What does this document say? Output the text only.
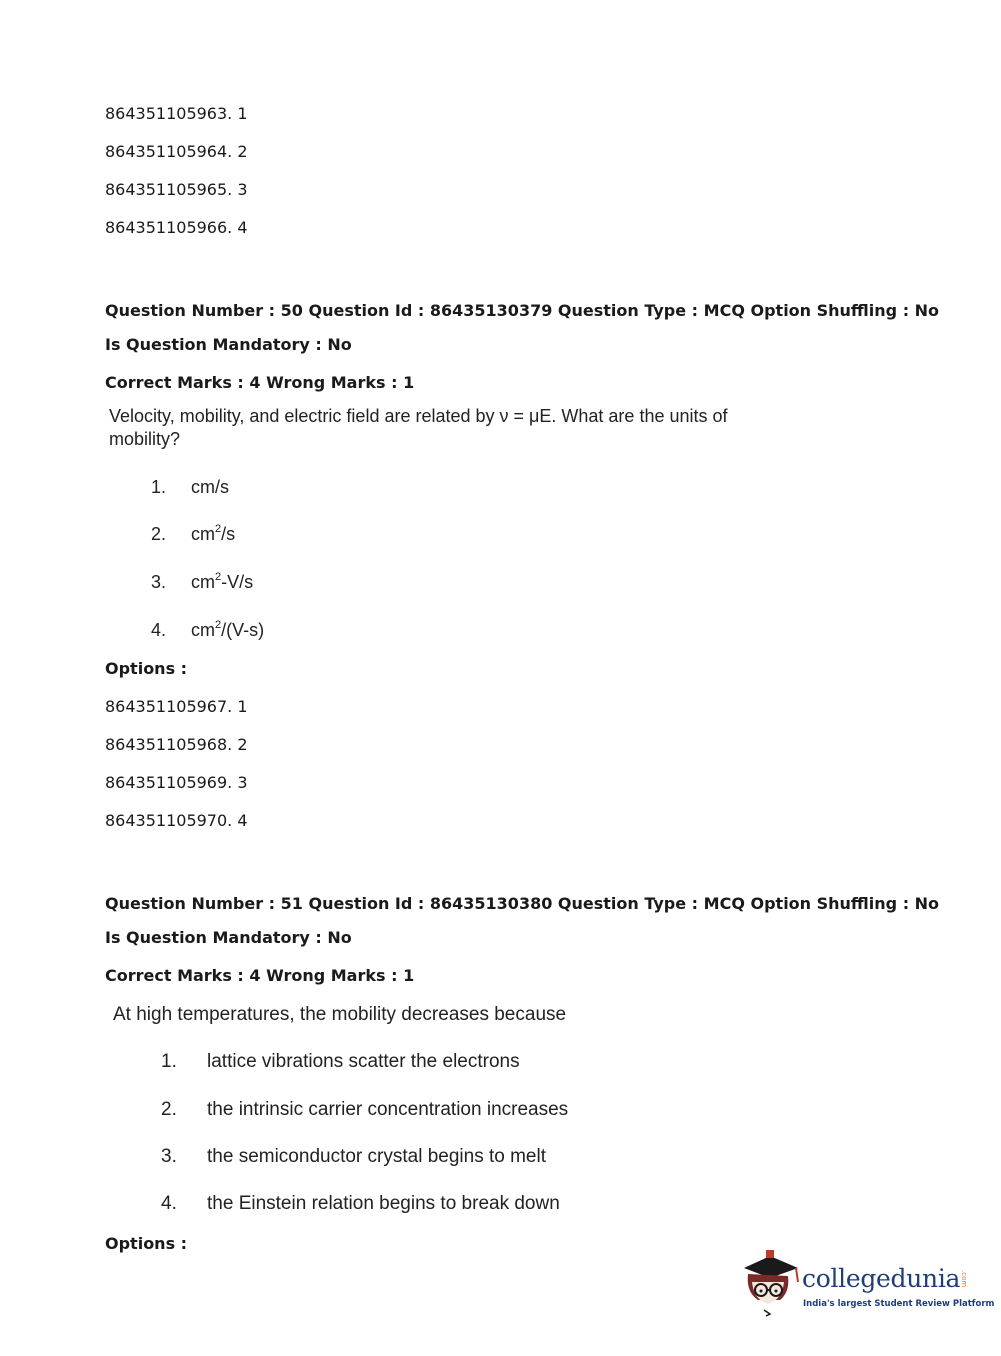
864351105963. 1
864351105964. 2
864351105965. 3
864351105966. 4
Question Number : 50 Question Id : 86435130379 Question Type : MCQ Option Shuffling : No
Is Question Mandatory : No
Correct Marks : 4 Wrong Marks : 1
Velocity, mobility, and electric field are related by ν = μE. What are the units of
mobility?
1. cm/s
2. $cm^2/s$
3. $cm^2-V/s$
4. $cm^2/(V-s)$
Options :
864351105967. 1
864351105968. 2
864351105969. 3
864351105970. 4
Question Number : 51 Question Id : 86435130380 Question Type : MCQ Option Shuffling : No
Is Question Mandatory : No
Correct Marks : 4 Wrong Marks : 1
At high temperatures, the mobility decreases because
1. lattice vibrations scatter the electrons
2. the intrinsic carrier concentration increases
3. the semiconductor crystal begins to melt
4. the Einstein relation begins to break down
Options :
collegedunia .com
India's largest Student Review Platform
